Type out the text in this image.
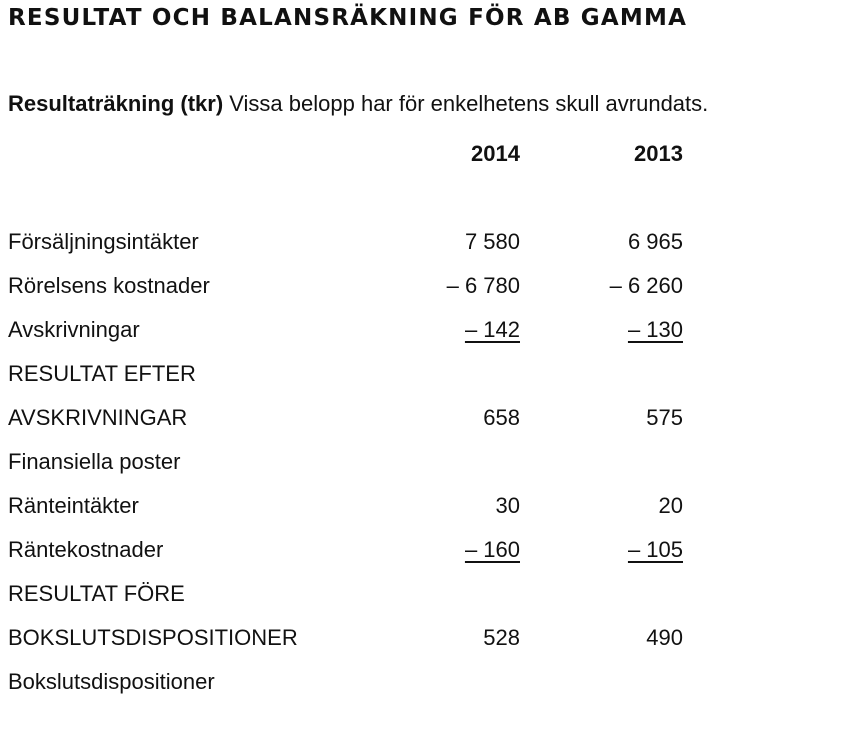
RESULTAT OCH BALANSRÄKNING FÖR AB GAMMA

Resultaträkning (tkr) Vissa belopp har för enkelhetens skull avrundats.

2014	2013
Försäljningsintäkter	7 580	6 965
Rörelsens kostnader	– 6 780	– 6 260
Avskrivningar	– 142	– 130
RESULTAT EFTER
AVSKRIVNINGAR	658	575
Finansiella poster
Ränteintäkter	30	20
Räntekostnader	– 160	– 105
RESULTAT FÖRE
BOKSLUTSDISPOSITIONER	528	490
Bokslutsdispositioner
